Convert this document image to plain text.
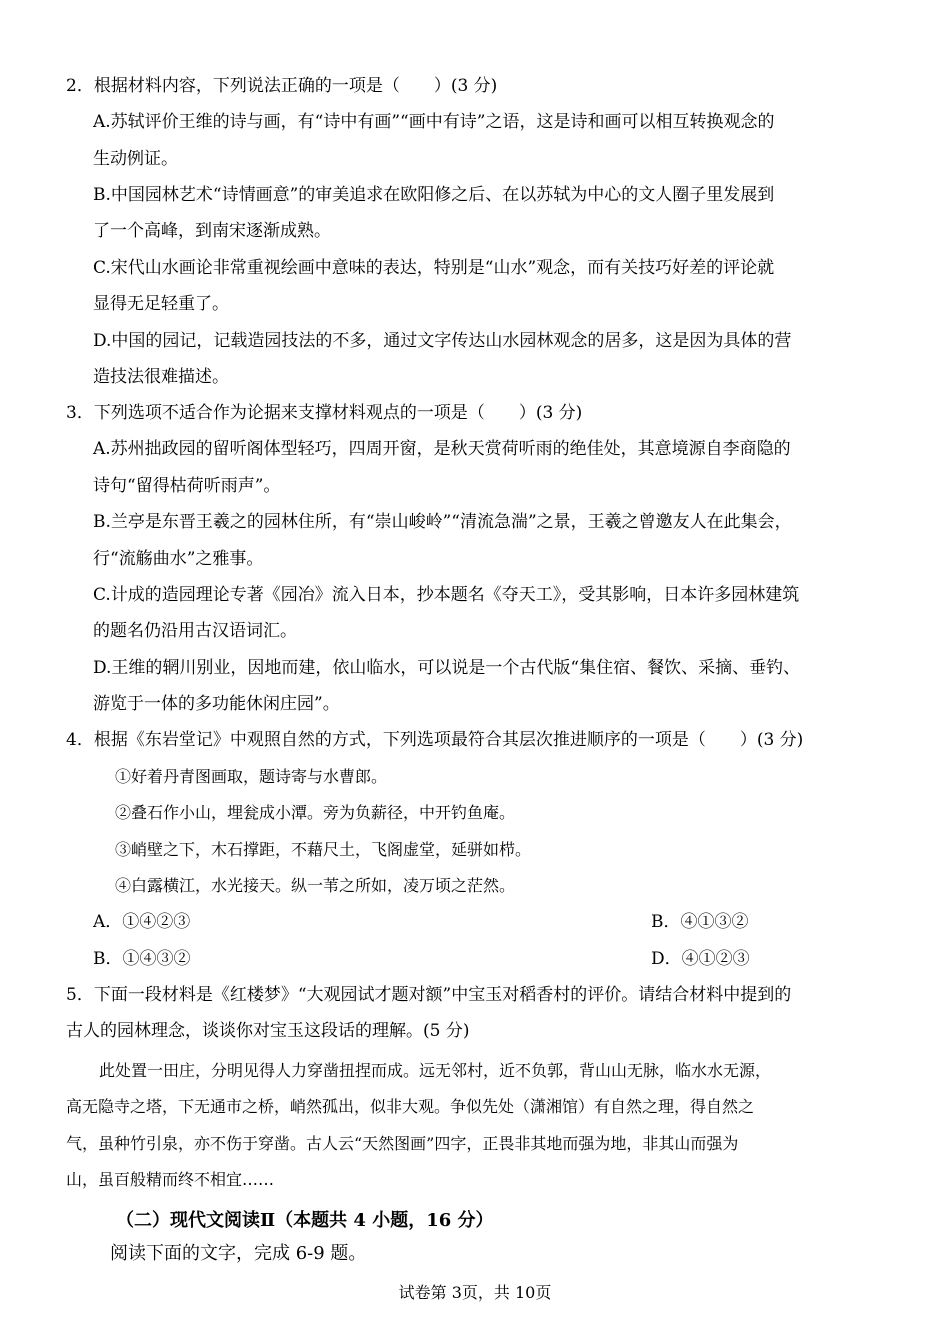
2．根据材料内容，下列说法正确的一项是（　　）(3 分)
A.苏轼评价王维的诗与画，有“诗中有画”“画中有诗”之语，这是诗和画可以相互转换观念的
生动例证。
B.中国园林艺术“诗情画意”的审美追求在欧阳修之后、在以苏轼为中心的文人圈子里发展到
了一个高峰，到南宋逐渐成熟。
C.宋代山水画论非常重视绘画中意味的表达，特别是“山水”观念，而有关技巧好差的评论就
显得无足轻重了。
D.中国的园记，记载造园技法的不多，通过文字传达山水园林观念的居多，这是因为具体的营
造技法很难描述。
3．下列选项不适合作为论据来支撑材料观点的一项是（　　）(3 分)
A.苏州拙政园的留听阁体型轻巧，四周开窗，是秋天赏荷听雨的绝佳处，其意境源自李商隐的
诗句“留得枯荷听雨声”。
B.兰亭是东晋王羲之的园林住所，有“崇山峻岭”“清流急湍”之景，王羲之曾邀友人在此集会，
行“流觞曲水”之雅事。
C.计成的造园理论专著《园冶》流入日本，抄本题名《夺天工》，受其影响，日本许多园林建筑
的题名仍沿用古汉语词汇。
D.王维的辋川别业，因地而建，依山临水，可以说是一个古代版“集住宿、餐饮、采摘、垂钓、
游览于一体的多功能休闲庄园”。
4．根据《东岩堂记》中观照自然的方式，下列选项最符合其层次推进顺序的一项是（　　）(3 分)
①好着丹青图画取，题诗寄与水曹郎。
②叠石作小山，埋瓮成小潭。旁为负薪径，中开钓鱼庵。
③峭壁之下，木石撑距，不藉尺土，飞阁虚堂，延骈如栉。
④白露横江，水光接天。纵一苇之所如，凌万顷之茫然。
A．①④②③	B．④①③②
B．①④③②	D．④①②③
5．下面一段材料是《红楼梦》“大观园试才题对额”中宝玉对稻香村的评价。请结合材料中提到的
古人的园林理念，谈谈你对宝玉这段话的理解。(5 分)
此处置一田庄，分明见得人力穿凿扭捏而成。远无邻村，近不负郭，背山山无脉，临水水无源，
高无隐寺之塔，下无通市之桥，峭然孤出，似非大观。争似先处（潇湘馆）有自然之理，得自然之
气，虽种竹引泉，亦不伤于穿凿。古人云“天然图画”四字，正畏非其地而强为地，非其山而强为
山，虽百般精而终不相宜……
（二）现代文阅读Ⅱ（本题共 4 小题，16 分）
阅读下面的文字，完成 6-9 题。
试卷第 3页，共 10页
